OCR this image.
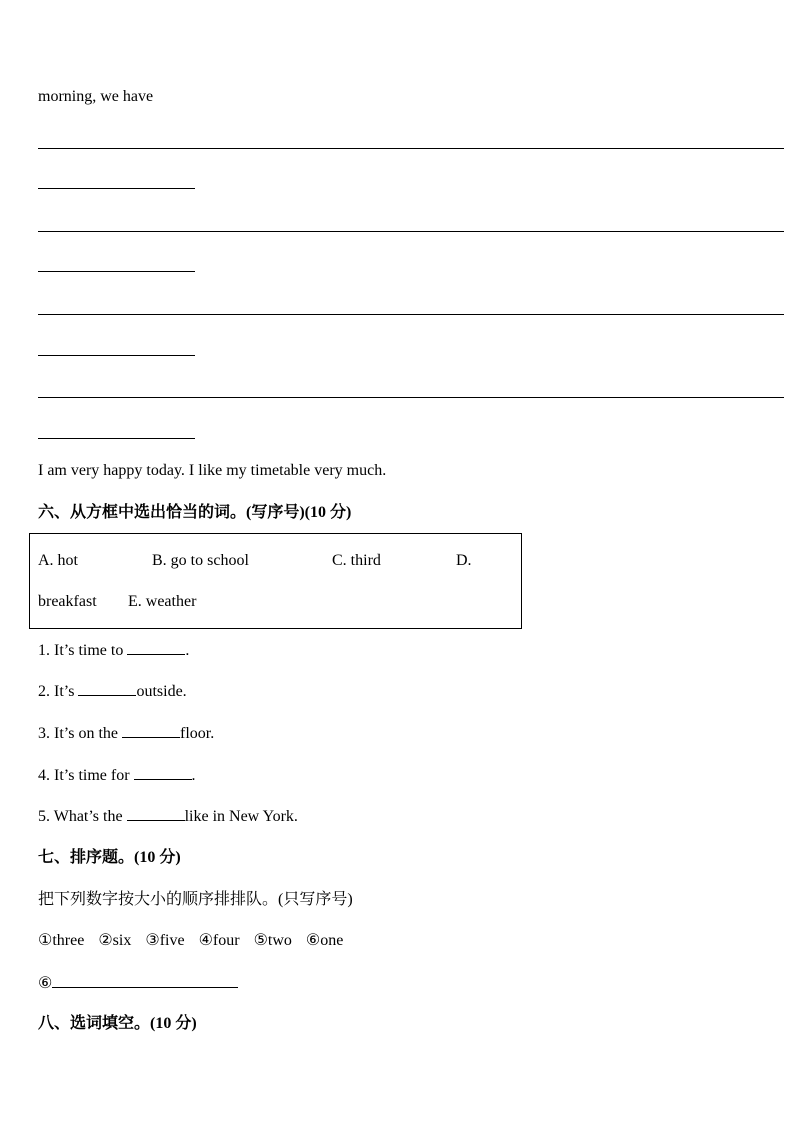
morning, we have
I am very happy today. I like my timetable very much.
六、从方框中选出恰当的词。(写序号)(10 分)
A. hot	B. go to school	C. third	D.
breakfast E. weather
1. It’s time to	.
2. It’s	outside.
3. It’s on the	floor.
4. It’s time for	.
5. What’s the	like in New York.
七、排序题。(10 分)
把下列数字按大小的顺序排排队。(只写序号)
①three ②six ③five ④four ⑤two ⑥one
⑥
八、选词填空。(10 分)
